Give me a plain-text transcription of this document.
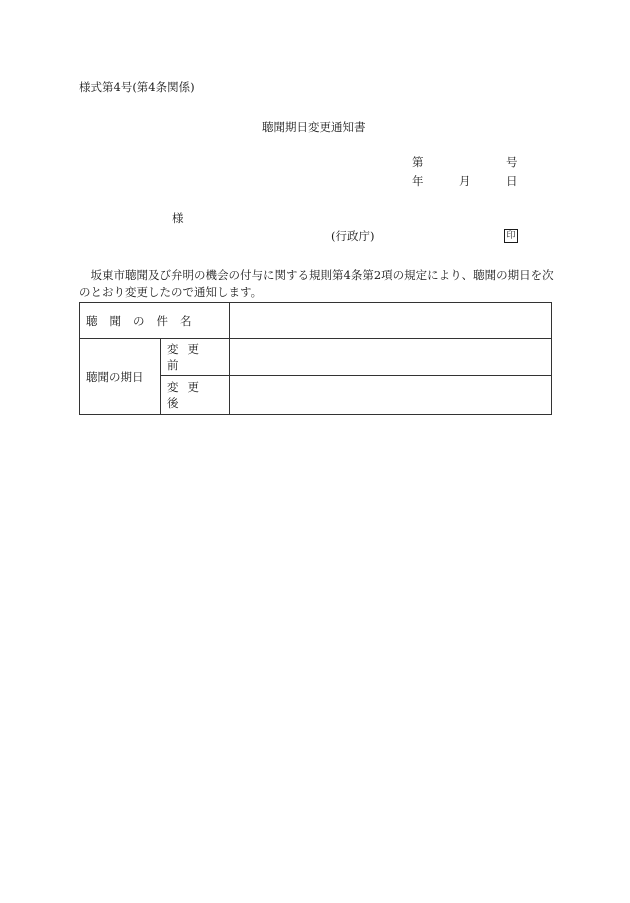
様式第4号(第4条関係)
聴聞期日変更通知書
第	号
年	月	日
様
(行政庁)	印
坂東市聴聞及び弁明の機会の付与に関する規則第4条第2項の規定により、聴聞の期日を次のとおり変更したので通知します。
聴聞の件名		
聴聞の期日	変更前	
	変更後	
